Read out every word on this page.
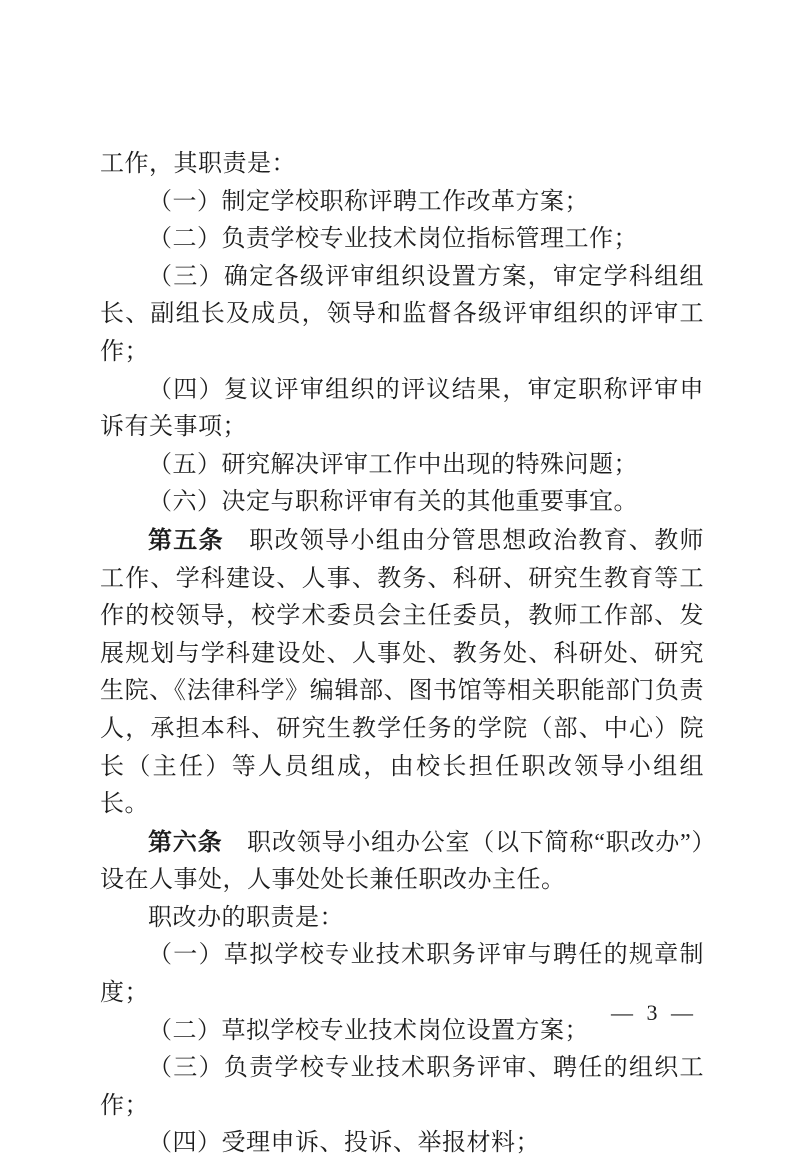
工作，其职责是：

（一）制定学校职称评聘工作改革方案；

（二）负责学校专业技术岗位指标管理工作；

（三）确定各级评审组织设置方案，审定学科组组长、副组长及成员，领导和监督各级评审组织的评审工作；

（四）复议评审组织的评议结果，审定职称评审申诉有关事项；

（五）研究解决评审工作中出现的特殊问题；

（六）决定与职称评审有关的其他重要事宜。

第五条　职改领导小组由分管思想政治教育、教师工作、学科建设、人事、教务、科研、研究生教育等工作的校领导，校学术委员会主任委员，教师工作部、发展规划与学科建设处、人事处、教务处、科研处、研究生院、《法律科学》编辑部、图书馆等相关职能部门负责人，承担本科、研究生教学任务的学院（部、中心）院长（主任）等人员组成，由校长担任职改领导小组组长。

第六条　职改领导小组办公室（以下简称“职改办”）设在人事处，人事处处长兼任职改办主任。

职改办的职责是：

（一）草拟学校专业技术职务评审与聘任的规章制度；

（二）草拟学校专业技术岗位设置方案；

（三）负责学校专业技术职务评审、聘任的组织工作；

（四）受理申诉、投诉、举报材料；

— 3 —
